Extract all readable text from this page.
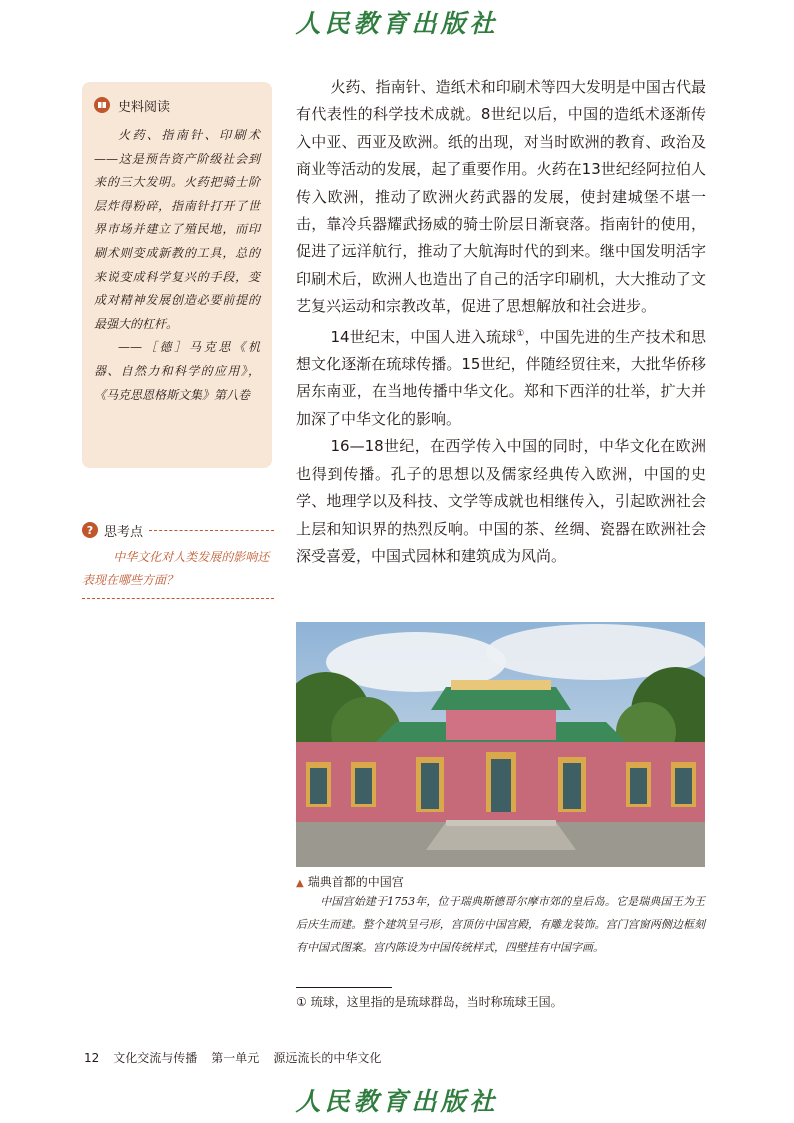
人民教育出版社
史料阅读

火药、指南针、印刷术——这是预告资产阶级社会到来的三大发明。火药把骑士阶层炸得粉碎，指南针打开了世界市场并建立了殖民地，而印刷术则变成新教的工具，总的来说变成科学复兴的手段，变成对精神发展创造必要前提的最强大的杠杆。

——［德］马克思《机器、自然力和科学的应用》，《马克思恩格斯文集》第八卷

? 思考点
中华文化对人类发展的影响还表现在哪些方面？

火药、指南针、造纸术和印刷术等四大发明是中国古代最有代表性的科学技术成就。8世纪以后，中国的造纸术逐渐传入中亚、西亚及欧洲。纸的出现，对当时欧洲的教育、政治及商业等活动的发展，起了重要作用。火药在13世纪经阿拉伯人传入欧洲，推动了欧洲火药武器的发展，使封建城堡不堪一击，靠冷兵器耀武扬威的骑士阶层日渐衰落。指南针的使用，促进了远洋航行，推动了大航海时代的到来。继中国发明活字印刷术后，欧洲人也造出了自己的活字印刷机，大大推动了文艺复兴运动和宗教改革，促进了思想解放和社会进步。

14世纪末，中国人进入琉球①，中国先进的生产技术和思想文化逐渐在琉球传播。15世纪，伴随经贸往来，大批华侨移居东南亚，在当地传播中华文化。郑和下西洋的壮举，扩大并加深了中华文化的影响。

16—18世纪，在西学传入中国的同时，中华文化在欧洲也得到传播。孔子的思想以及儒家经典传入欧洲，中国的史学、地理学以及科技、文学等成就也相继传入，引起欧洲社会上层和知识界的热烈反响。中国的茶、丝绸、瓷器在欧洲社会深受喜爱，中国式园林和建筑成为风尚。

▲ 瑞典首都的中国宫

中国宫始建于1753年，位于瑞典斯德哥尔摩市郊的皇后岛。它是瑞典国王为王后庆生而建。整个建筑呈弓形，宫顶仿中国宫殿，有雕龙装饰。宫门宫窗两侧边框刻有中国式图案。宫内陈设为中国传统样式，四壁挂有中国字画。

① 琉球，这里指的是琉球群岛，当时称琉球王国。
12 文化交流与传播 第一单元 源远流长的中华文化
人民教育出版社
